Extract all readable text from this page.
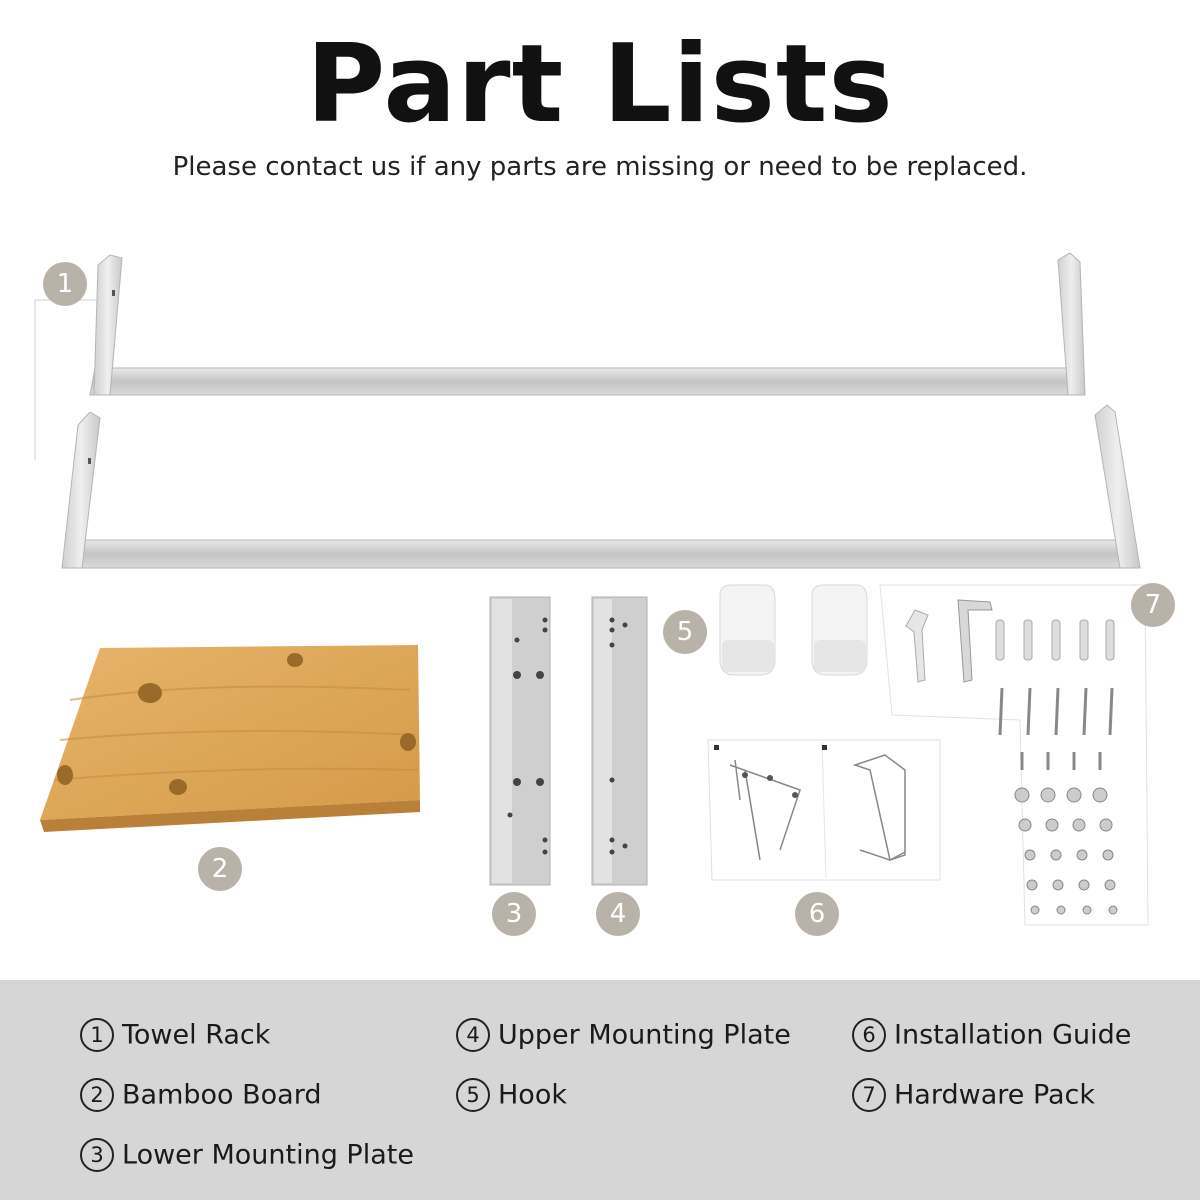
Part Lists
Please contact us if any parts are missing or need to be replaced.
1
2
3	4
5
6
7
1 Towel Rack
2 Bamboo Board
3 Lower Mounting Plate
4 Upper Mounting Plate
5 Hook
6 Installation Guide
7 Hardware Pack
